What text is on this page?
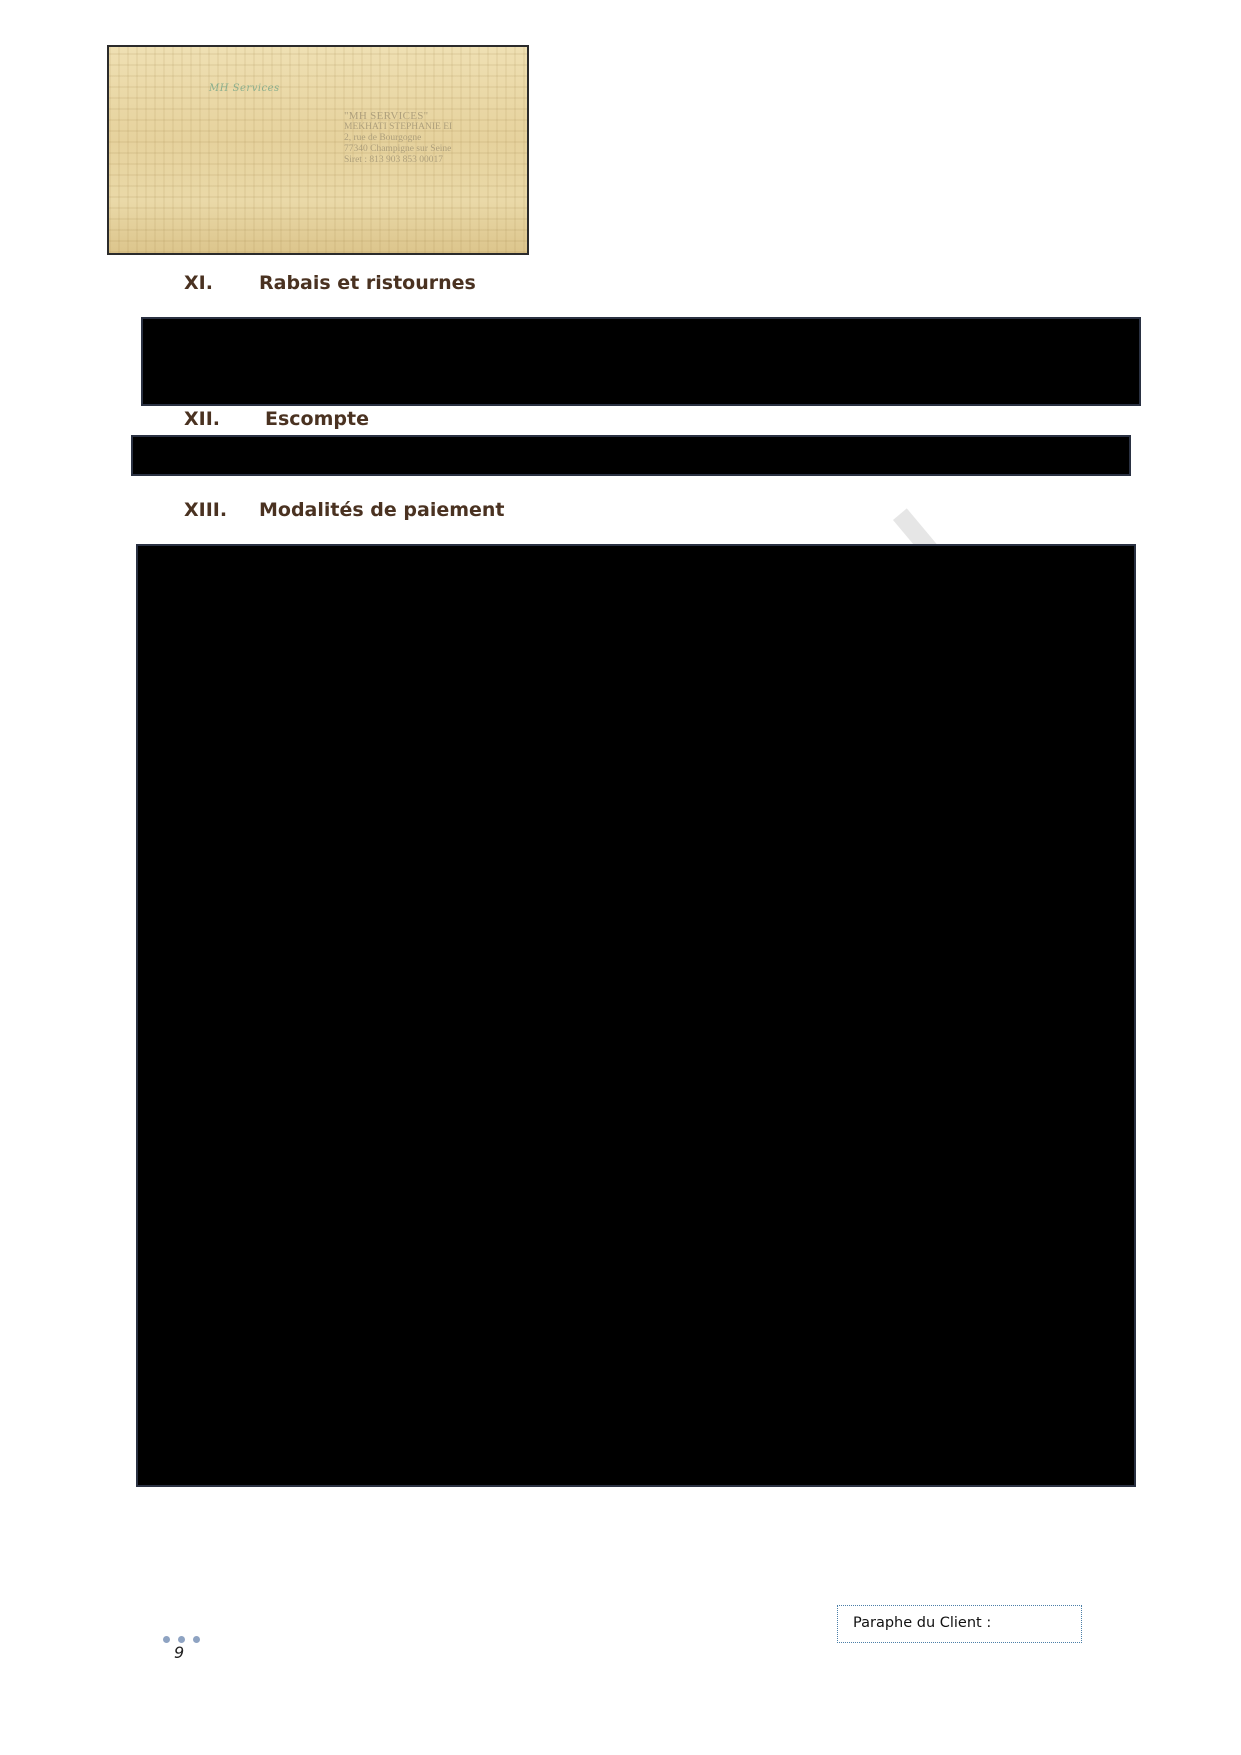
MH Services
"MH SERVICES"
MEKHATI STEPHANIE EI
2, rue de Bourgogne
77340 Champigne sur Seine
Siret : 813 903 853 00017
XI. Rabais et ristournes
XII. Escompte
XIII. Modalités de paiement
9
Paraphe du Client :
